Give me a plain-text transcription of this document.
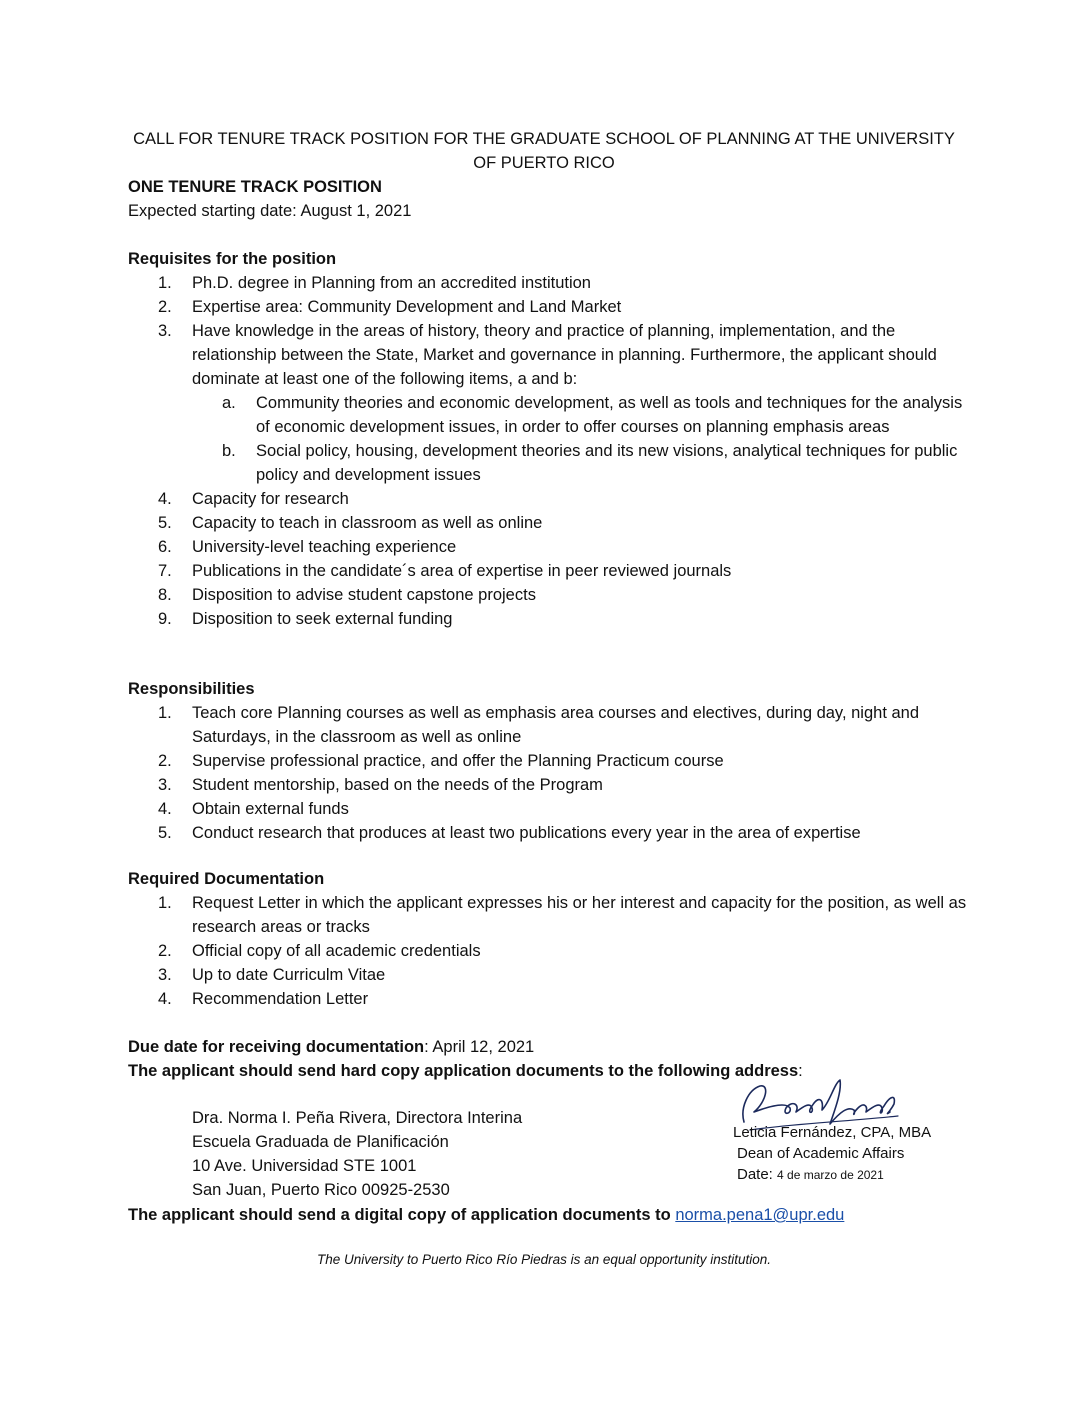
CALL FOR TENURE TRACK POSITION FOR THE GRADUATE SCHOOL OF PLANNING AT THE UNIVERSITY OF PUERTO RICO
ONE TENURE TRACK POSITION
Expected starting date: August 1, 2021
Requisites for the position
1.	Ph.D. degree in Planning from an accredited institution
2.	Expertise area: Community Development and Land Market
3.	Have knowledge in the areas of history, theory and practice of planning, implementation, and the relationship between the State, Market and governance in planning. Furthermore, the applicant should dominate at least one of the following items, a and b:
a. Community theories and economic development, as well as tools and techniques for the analysis of economic development issues, in order to offer courses on planning emphasis areas
b. Social policy, housing, development theories and its new visions, analytical techniques for public policy and development issues
4.	Capacity for research
5.	Capacity to teach in classroom as well as online
6.	University-level teaching experience
7.	Publications in the candidate´s area of expertise in peer reviewed journals
8.	Disposition to advise student capstone projects
9.	Disposition to seek external funding
Responsibilities
1.	Teach core Planning courses as well as emphasis area courses and electives, during day, night and Saturdays, in the classroom as well as online
2.	Supervise professional practice, and offer the Planning Practicum course
3.	Student mentorship, based on the needs of the Program
4.	Obtain external funds
5.	Conduct research that produces at least two publications every year in the area of expertise
Required Documentation
1.	Request Letter in which the applicant expresses his or her interest and capacity for the position, as well as research areas or tracks
2.	Official copy of all academic credentials
3.	Up to date Curriculm Vitae
4.	Recommendation Letter
Due date for receiving documentation: April 12, 2021
The applicant should send hard copy application documents to the following address:
Dra. Norma I. Peña Rivera, Directora Interina
Escuela Graduada de Planificación
10 Ave. Universidad STE 1001
San Juan, Puerto Rico 00925-2530
Leticia Fernández, CPA, MBA
Dean of Academic Affairs
Date: 4 de marzo de 2021
The applicant should send a digital copy of application documents to norma.pena1@upr.edu
The University to Puerto Rico Río Piedras is an equal opportunity institution.
